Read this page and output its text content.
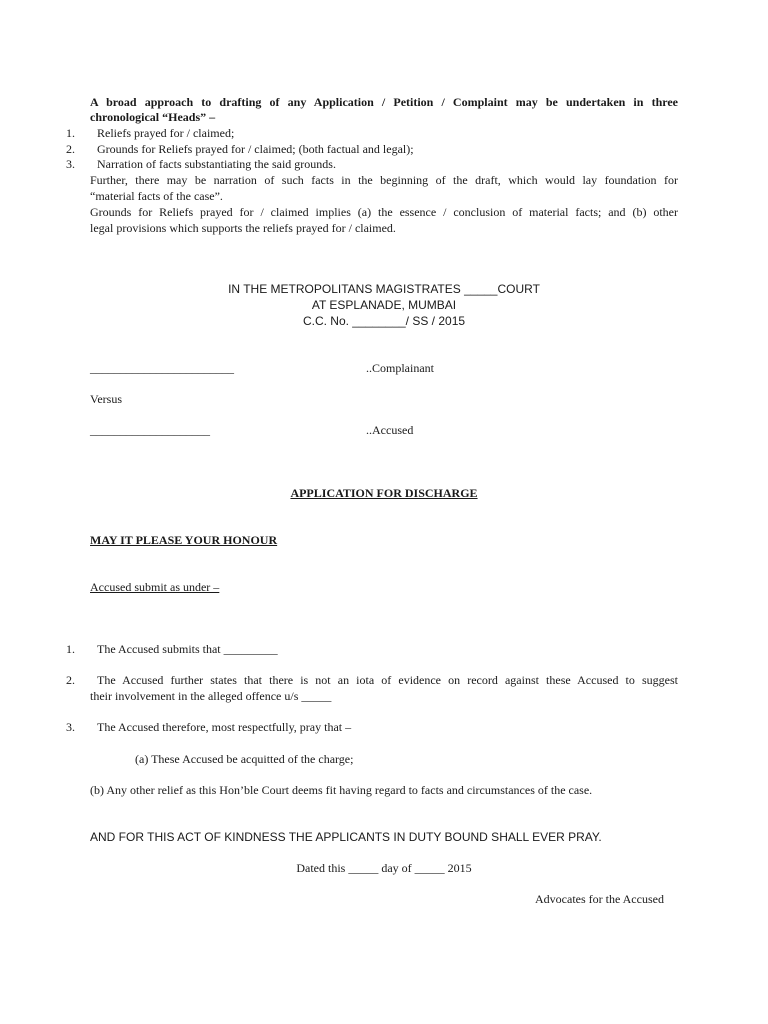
A broad approach to drafting of any Application / Petition / Complaint may be undertaken in three
chronological “Heads” –
1. Reliefs prayed for / claimed;
2. Grounds for Reliefs prayed for / claimed; (both factual and legal);
3. Narration of facts substantiating the said grounds.
Further, there may be narration of such facts in the beginning of the draft, which would lay foundation for
“material facts of the case”.
Grounds for Reliefs prayed for / claimed implies (a) the essence / conclusion of material facts; and (b) other
legal provisions which supports the reliefs prayed for / claimed.
IN THE METROPOLITANS MAGISTRATES _____COURT
AT ESPLANADE, MUMBAI
C.C. No. ________/ SS / 2015
________________________	..Complainant
Versus
____________________	..Accused
APPLICATION FOR DISCHARGE
MAY IT PLEASE YOUR HONOUR
Accused submit as under –
1. The Accused submits that _________
2. The Accused further states that there is not an iota of evidence on record against these Accused to suggest
their involvement in the alleged offence u/s _____
3. The Accused therefore, most respectfully, pray that –
(a) These Accused be acquitted of the charge;
(b) Any other relief as this Hon’ble Court deems fit having regard to facts and circumstances of the case.
AND FOR THIS ACT OF KINDNESS THE APPLICANTS IN DUTY BOUND SHALL EVER PRAY.
Dated this _____ day of _____ 2015
Advocates for the Accused
